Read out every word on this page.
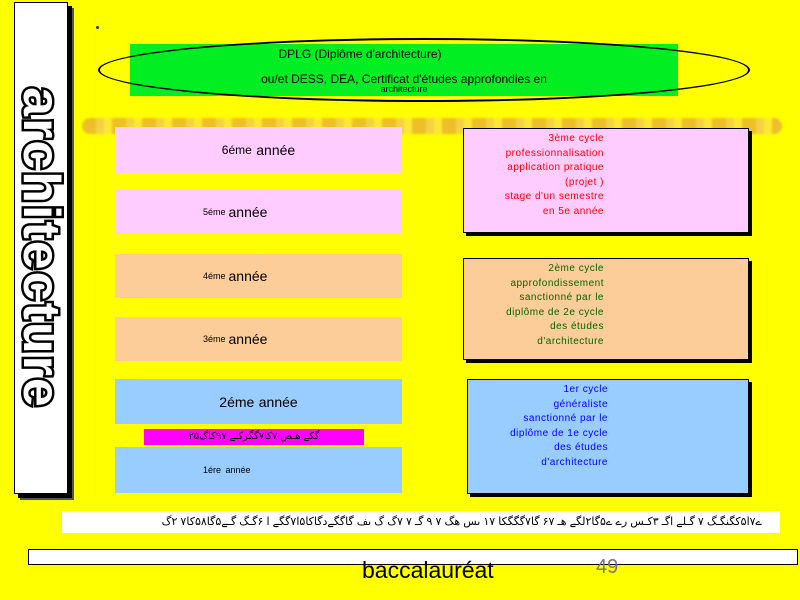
architecture
DPLG (Diplôme d'architecture)
ou/et DESS, DEA, Certificat d'études approfondies en
architecture
6éme
année
5éme année
4éme année
3éme année
2éme
année
گکے هـص ۷کا۷گگرکـے ۹۷کاگ۲۵
1ére
année
3ème cycle
professionnalisation
application pratique
(projet )
stage d'un semestre
en 5e année
2ème cycle
approfondissement
sanctionné par le
diplôme de 2e cycle
des études
d'architecture
1er cycle
généraliste
sanctionné par le
diplôme de 1e cycle
des études
d'architecture
ے۷ا۵کگنگـگ ۷ گـلے اگـ ۳کـس رے ے۵گا۲لگے هـ ۶۷ گا۷گگگکا ۱۷ ںس هگ ۷ ۹ گـ ۷ ۷گ گ ںف گاگگےدگاکا۵ا۷گگے ا ۶گـگ گـے۵گا۵۸کا۷ ۲گ
49
baccalauréat
